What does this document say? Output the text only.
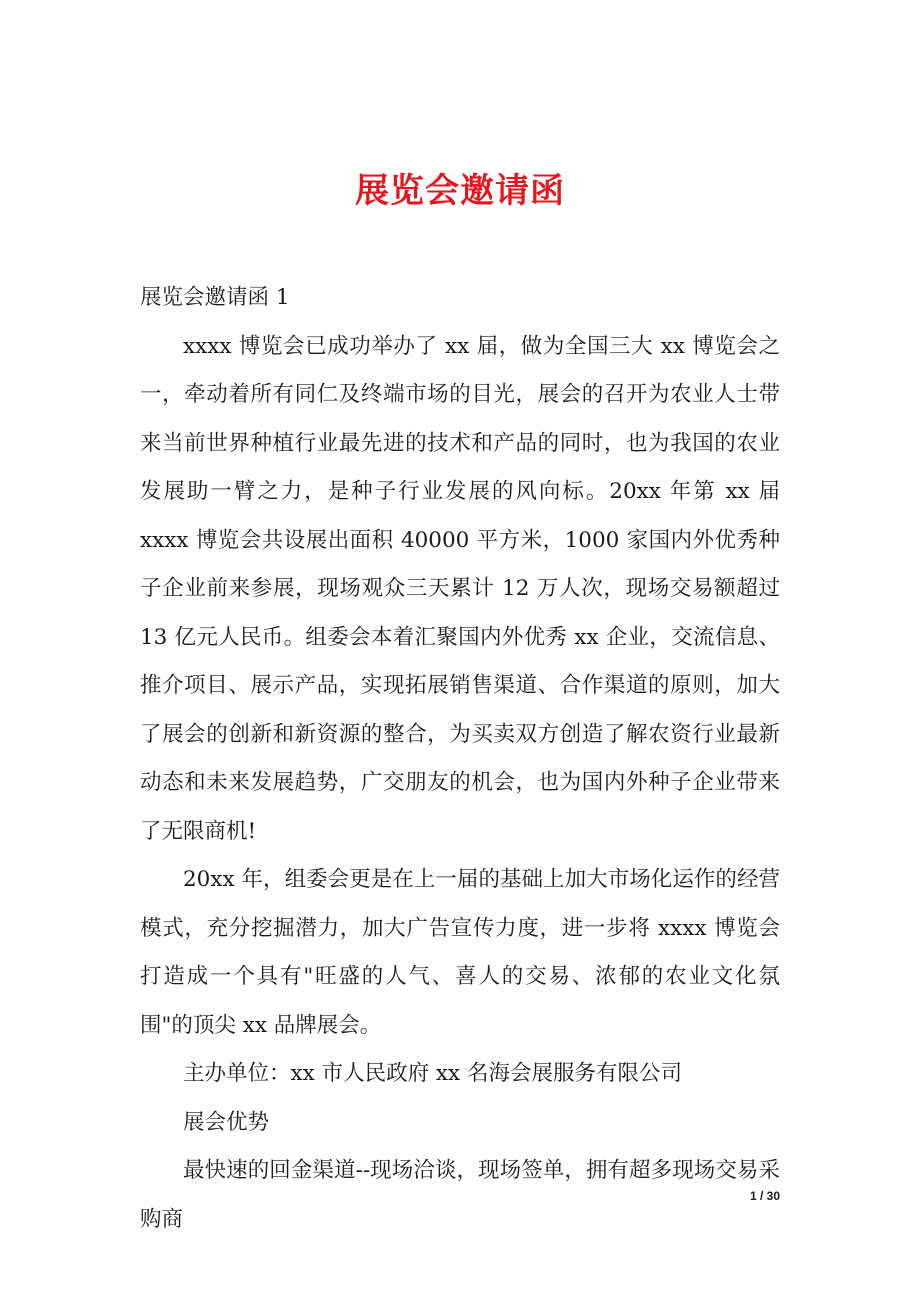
展览会邀请函

展览会邀请函 1

xxxx 博览会已成功举办了 xx 届，做为全国三大 xx 博览会之一，牵动着所有同仁及终端市场的目光，展会的召开为农业人士带来当前世界种植行业最先进的技术和产品的同时，也为我国的农业发展助一臂之力，是种子行业发展的风向标。20xx 年第 xx 届 xxxx 博览会共设展出面积 40000 平方米，1000 家国内外优秀种子企业前来参展，现场观众三天累计 12 万人次，现场交易额超过 13 亿元人民币。组委会本着汇聚国内外优秀 xx 企业，交流信息、推介项目、展示产品，实现拓展销售渠道、合作渠道的原则，加大了展会的创新和新资源的整合，为买卖双方创造了解农资行业最新动态和未来发展趋势，广交朋友的机会，也为国内外种子企业带来了无限商机!

20xx 年，组委会更是在上一届的基础上加大市场化运作的经营模式，充分挖掘潜力，加大广告宣传力度，进一步将 xxxx 博览会打造成一个具有"旺盛的人气、喜人的交易、浓郁的农业文化氛围"的顶尖 xx 品牌展会。

主办单位：xx 市人民政府 xx 名海会展服务有限公司

展会优势

最快速的回金渠道--现场洽谈，现场签单，拥有超多现场交易采购商

1 / 30
